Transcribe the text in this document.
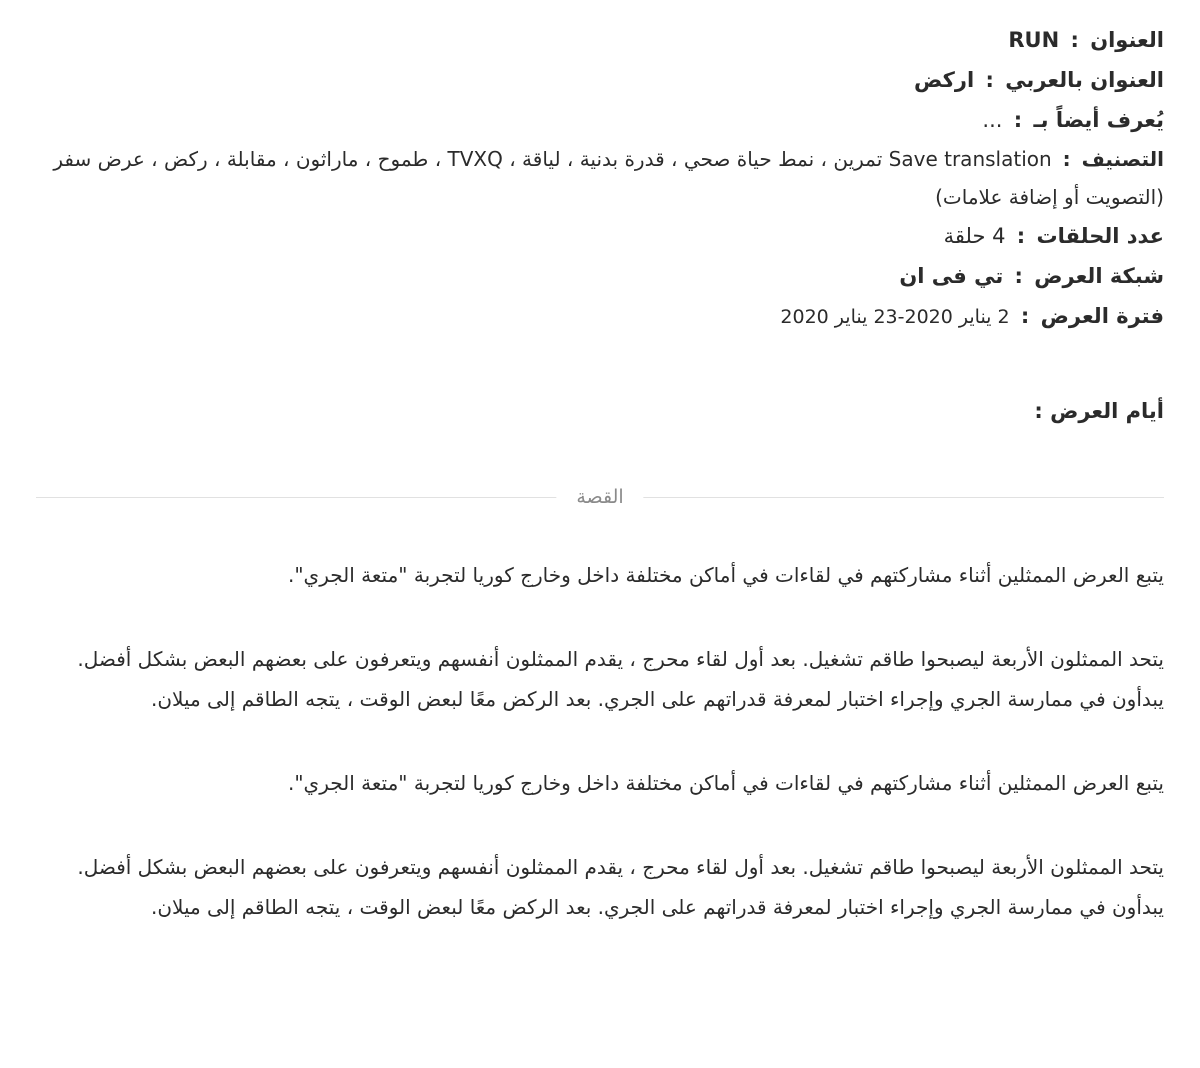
العنوان : RUN
العنوان بالعربي : اركض
يُعرف أيضاً بـ : ...
التصنيف : Save translation تمرين ، نمط حياة صحي ، قدرة بدنية ، لياقة ، TVXQ ، طموح ، ماراثون ، مقابلة ، ركض ، عرض سفر (التصويت أو إضافة علامات)
عدد الحلقات : 4 حلقة
شبكة العرض : تي فى ان
فترة العرض : 2 يناير 2020-23 يناير 2020
أيام العرض :
القصة

يتبع العرض الممثلين أثناء مشاركتهم في لقاءات في أماكن مختلفة داخل وخارج كوريا لتجربة "متعة الجري".

يتحد الممثلون الأربعة ليصبحوا طاقم تشغيل. بعد أول لقاء محرج ، يقدم الممثلون أنفسهم ويتعرفون على بعضهم البعض بشكل أفضل. يبدأون في ممارسة الجري وإجراء اختبار لمعرفة قدراتهم على الجري. بعد الركض معًا لبعض الوقت ، يتجه الطاقم إلى ميلان.

يتبع العرض الممثلين أثناء مشاركتهم في لقاءات في أماكن مختلفة داخل وخارج كوريا لتجربة "متعة الجري".

يتحد الممثلون الأربعة ليصبحوا طاقم تشغيل. بعد أول لقاء محرج ، يقدم الممثلون أنفسهم ويتعرفون على بعضهم البعض بشكل أفضل. يبدأون في ممارسة الجري وإجراء اختبار لمعرفة قدراتهم على الجري. بعد الركض معًا لبعض الوقت ، يتجه الطاقم إلى ميلان.
